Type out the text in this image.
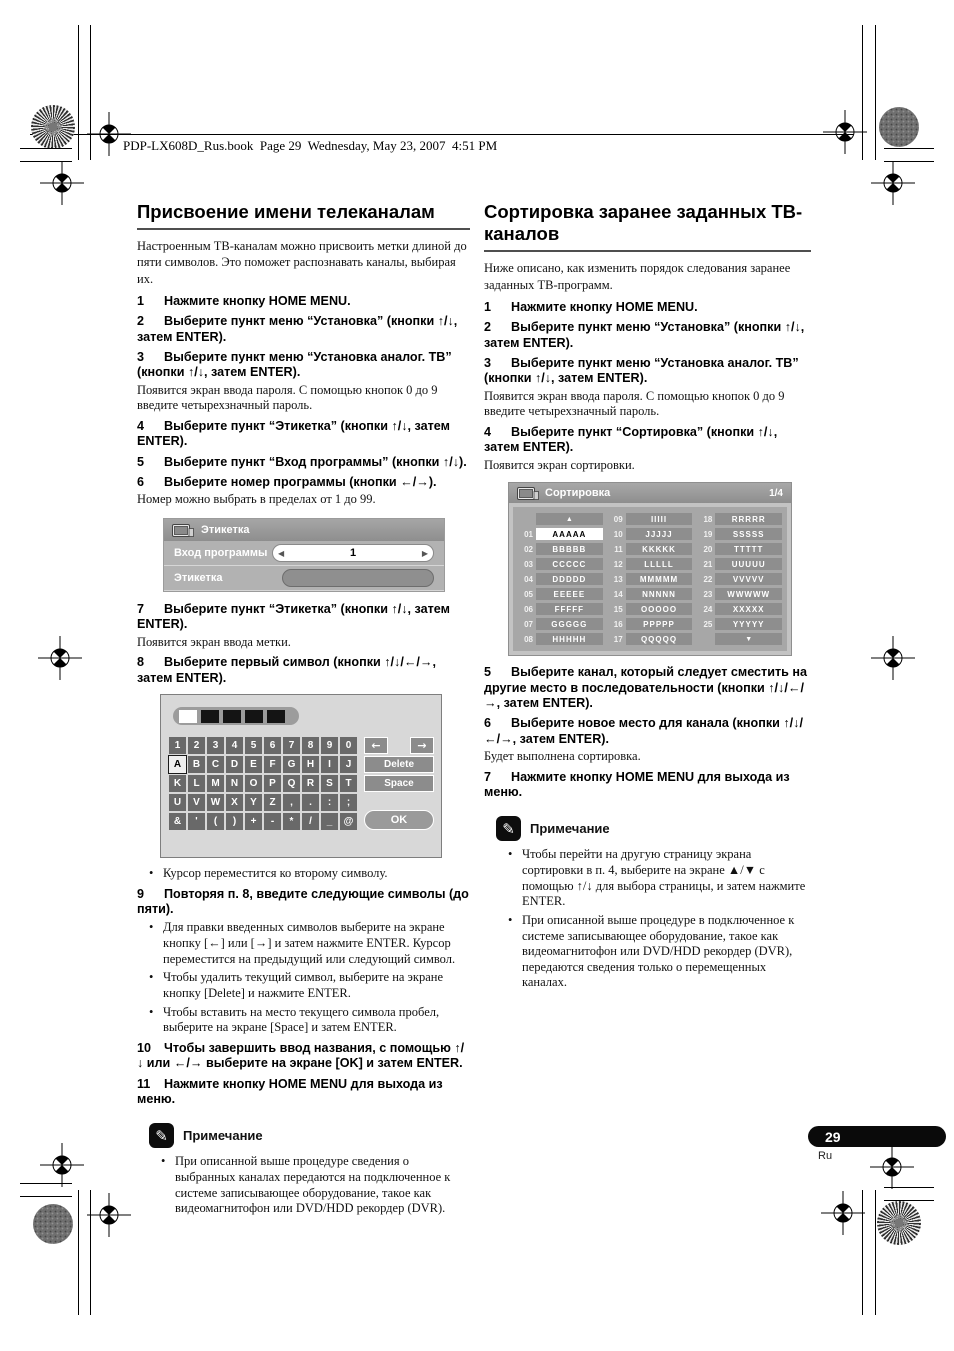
PDP-LX608D_Rus.book  Page 29  Wednesday, May 23, 2007  4:51 PM
Присвоение имени телеканалам

Настроенным ТВ-каналам можно присвоить метки длиной до пяти символов. Это поможет распознавать каналы, выбирая их.

1 Нажмите кнопку HOME MENU.

2 Выберите пункт меню “Установка” (кнопки ↑/↓, затем ENTER).

3 Выберите пункт меню “Установка аналог. ТВ” (кнопки ↑/↓, затем ENTER).

Появится экран ввода пароля. С помощью кнопок 0 до 9 введите четырехзначный пароль.

4 Выберите пункт “Этикетка” (кнопки ↑/↓, затем ENTER).

5 Выберите пункт “Вход программы” (кнопки ↑/↓).

6 Выберите номер программы (кнопки ←/→).

Номер можно выбрать в пределах от 1 до 99.

Этикетка
Вход программы ◀	1	▶
Этикетка

7 Выберите пункт “Этикетка” (кнопки ↑/↓, затем ENTER).

Появится экран ввода метки.

8 Выберите первый символ (кнопки ↑/↓/←/→, затем ENTER).

1	2	3	4	5	6	7	8	9	0
A	B	C	D	E	F	G	H	I	J
K	L	M	N	O	P	Q	R	S	T
U	V	W	X	Y	Z	,	.	:	;
&	'	(	)	+	-	*	/	_	@
←	→
Delete
Space
OK
• Курсор переместится ко второму символу.

9 Повторяя п. 8, введите следующие символы (до пяти).

• Для правки введенных символов выберите на экране кнопку [←] или [→] и затем нажмите ENTER. Курсор переместится на предыдущий или следующий символ.
• Чтобы удалить текущий символ, выберите на экране кнопку [Delete] и нажмите ENTER.
• Чтобы вставить на место текущего символа пробел, выберите на экране [Space] и затем ENTER.

10 Чтобы завершить ввод названия, с помощью ↑/↓ или ←/→ выберите на экране [OK] и затем ENTER.

11 Нажмите кнопку HOME MENU для выхода из меню.

✎ Примечание
• При описанной выше процедуре сведения о выбранных каналах передаются на подключенное к системе записывающее оборудование, такое как видеомагнитофон или DVD/HDD рекордер (DVR).
Сортировка заранее заданных ТВ-каналов

Ниже описано, как изменить порядок следования заранее заданных ТВ-программ.

1 Нажмите кнопку HOME MENU.

2 Выберите пункт меню “Установка” (кнопки ↑/↓, затем ENTER).

3 Выберите пункт меню “Установка аналог. ТВ” (кнопки ↑/↓, затем ENTER).

Появится экран ввода пароля. С помощью кнопок 0 до 9 введите четырехзначный пароль.

4 Выберите пункт “Сортировка” (кнопки ↑/↓, затем ENTER).

Появится экран сортировки.

Сортировка	1/4
▲
01	AAAAA
02	BBBBB
03	CCCCC
04	DDDDD
05	EEEEE
06	FFFFF
07	GGGGG
08	HHHHH
09	IIIII
10	JJJJJ
11	KKKKK
12	LLLLL
13	MMMMM
14	NNNNN
15	OOOOO
16	PPPPP
17	QQQQQ
18	RRRRR
19	SSSSS
20	TTTTT
21	UUUUU
22	VVVVV
23	WWWWW
24	XXXXX
25	YYYYY
▼

5 Выберите канал, который следует сместить на другие место в последовательности (кнопки ↑/↓/←/→, затем ENTER).

6 Выберите новое место для канала (кнопки ↑/↓/←/→, затем ENTER).

Будет выполнена сортировка.

7 Нажмите кнопку HOME MENU для выхода из меню.

✎ Примечание
• Чтобы перейти на другую страницу экрана сортировки в п. 4, выберите на экране ▲/▼ с помощью ↑/↓ для выбора страницы, и затем нажмите ENTER.
• При описанной выше процедуре в подключенное к системе записывающее оборудование, такое как видеомагнитофон или DVD/HDD рекордер (DVR), передаются сведения только о перемещенных каналах.
29
Ru
